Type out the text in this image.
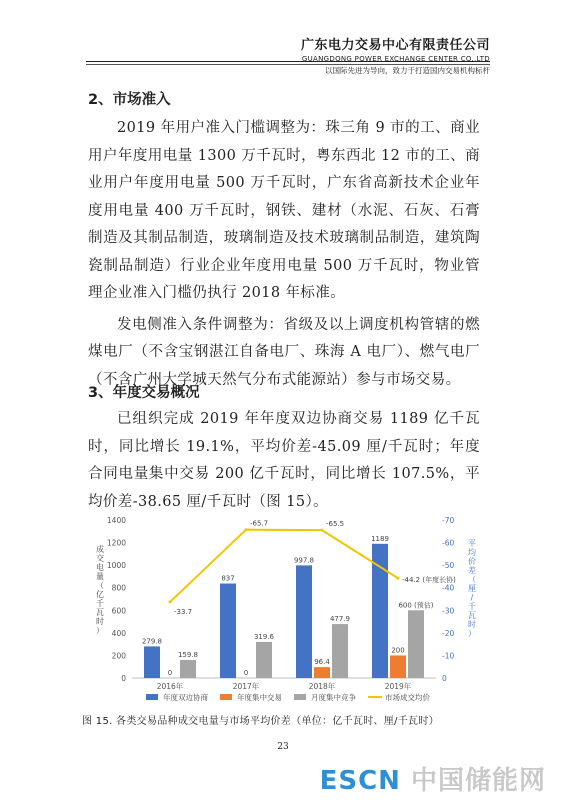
广东电力交易中心有限责任公司
GUANGDONG POWER EXCHANGE CENTER CO.,LTD
以国际先进为导向，致力于打造国内交易机构标杆
2、市场准入
2019 年用户准入门槛调整为：珠三角 9 市的工、商业用户年度用电量 1300 万千瓦时，粤东西北 12 市的工、商业用户年度用电量 500 万千瓦时，广东省高新技术企业年度用电量 400 万千瓦时，钢铁、建材（水泥、石灰、石膏制造及其制品制造，玻璃制造及技术玻璃制品制造，建筑陶瓷制品制造）行业企业年度用电量 500 万千瓦时，物业管理企业准入门槛仍执行 2018 年标准。
发电侧准入条件调整为：省级及以上调度机构管辖的燃煤电厂（不含宝钢湛江自备电厂、珠海 A 电厂）、燃气电厂（不含广州大学城天然气分布式能源站）参与市场交易。
3、年度交易概况
已组织完成 2019 年年度双边协商交易 1189 亿千瓦时，同比增长 19.1%，平均价差-45.09 厘/千瓦时；年度合同电量集中交易 200 亿千瓦时，同比增长 107.5%，平均价差-38.65 厘/千瓦时（图 15）。
0
200
400
600
800
1000
1200
1400
0
-10
-20
-30
-40
-50
-60
-70
成
交
电
量
（
亿
千
瓦
时
）
平
均
价
差
（
厘
/
千
瓦
时
）
2016年
279.8
0
159.8
2017年
837
0
319.6
2018年
997.8
96.4
477.9
2019年
1189
200
600 (预估)
-33.7
-65.7	-65.5
-44.2 (年度长协)
年度双边协商	年度集中交易	月度集中竞争	市场成交均价
图 15. 各类交易品种成交电量与市场平均价差（单位：亿千瓦时、厘/千瓦时）
23
ESCN 中国储能网
